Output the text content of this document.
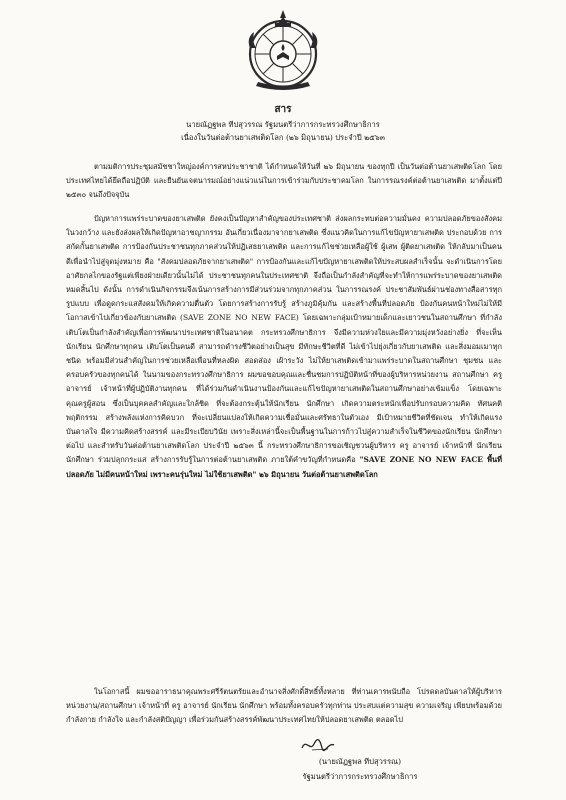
สาร
นายณัฏฐพล ทีปสุวรรณ รัฐมนตรีว่าการกระทรวงศึกษาธิการ
เนื่องในวันต่อต้านยาเสพติดโลก (๒๖ มิถุนายน) ประจำปี ๒๕๖๓
ตามมติการประชุมสมัชชาใหญ่องค์การสหประชาชาติ ได้กำหนดให้วันที่ ๒๖ มิถุนายน ของทุกปี เป็นวันต่อต้านยาเสพติดโลก โดยประเทศไทยได้ยึดถือปฏิบัติ และยืนยันเจตนารมณ์อย่างแน่วแน่ในการเข้าร่วมกับประชาคมโลก ในการรณรงค์ต่อต้านยาเสพติด มาตั้งแต่ปี ๒๕๓๐ จนถึงปัจจุบัน
ปัญหาการแพร่ระบาดของยาเสพติด ยังคงเป็นปัญหาสำคัญของประเทศชาติ ส่งผลกระทบต่อความมั่นคง ความปลอดภัยของสังคมในวงกว้าง และยังส่งผลให้เกิดปัญหาอาชญากรรม อันเกี่ยวเนื่องมาจากยาเสพติด ซึ่งแนวคิดในการแก้ไขปัญหายาเสพติด ประกอบด้วย การสกัดกั้นยาเสพติด การป้องกันประชาชนทุกภาคส่วนให้ปฏิเสธยาเสพติด และการแก้ไขช่วยเหลือผู้ใช้ ผู้เสพ ผู้ติดยาเสพติด ให้กลับมาเป็นคนดีเพื่อนำไปสู่จุดมุ่งหมาย คือ "สังคมปลอดภัยจากยาเสพติด" การป้องกันและแก้ไขปัญหายาเสพติดให้ประสบผลสำเร็จนั้น จะดำเนินการโดยอาศัยกลไกของรัฐแต่เพียงฝ่ายเดียวนั้นไม่ได้ ประชาชนทุกคนในประเทศชาติ จึงถือเป็นกำลังสำคัญที่จะทำให้การแพร่ระบาดของยาเสพติดหมดสิ้นไป ดังนั้น การดำเนินกิจกรรมจึงเน้นการสร้างการมีส่วนร่วมจากทุกภาคส่วน ในการรณรงค์ ประชาสัมพันธ์ผ่านช่องทางสื่อสารทุกรูปแบบ เพื่อดูดกระแสสังคมให้เกิดความตื่นตัว โดยการสร้างการรับรู้ สร้างภูมิคุ้มกัน และสร้างพื้นที่ปลอดภัย ป้องกันคนหน้าใหม่ไม่ให้มีโอกาสเข้าไปเกี่ยวข้องกับยาเสพติด (SAVE ZONE NO NEW FACE) โดยเฉพาะกลุ่มเป้าหมายเด็กและเยาวชนในสถานศึกษา ที่กำลังเติบโตเป็นกำลังสำคัญเพื่อการพัฒนาประเทศชาติในอนาคต กระทรวงศึกษาธิการ จึงมีความห่วงใยและมีความมุ่งหวังอย่างยิ่ง ที่จะเห็นนักเรียน นักศึกษาทุกคน เติบโตเป็นคนดี สามารถดำรงชีวิตอย่างเป็นสุข มีทักษะชีวิตที่ดี ไม่เข้าไปยุ่งเกี่ยวกับยาเสพติด และสิ่งมอมเมาทุกชนิด พร้อมมีส่วนสำคัญในการช่วยเหลือเพื่อนที่หลงผิด สอดส่อง เฝ้าระวัง ไม่ให้ยาเสพติดเข้ามาแพร่ระบาดในสถานศึกษา ชุมชน และครอบครัวของทุกคนได้ ในนามของกระทรวงศึกษาธิการ ผมขอขอบคุณและชื่นชมการปฏิบัติหน้าที่ของผู้บริหารหน่วยงาน สถานศึกษา ครู อาจารย์ เจ้าหน้าที่ผู้ปฏิบัติงานทุกคน ที่ได้ร่วมกันดำเนินงานป้องกันและแก้ไขปัญหายาเสพติดในสถานศึกษาอย่างเข้มแข็ง โดยเฉพาะคุณครูผู้สอน ซึ่งเป็นบุคคลสำคัญและใกล้ชิด ที่จะต้องกระตุ้นให้นักเรียน นักศึกษา เกิดความตระหนักเพื่อปรับกรอบความคิด ทัศนคติ พฤติกรรม สร้างพลังแห่งการคิดบวก ที่จะเปลี่ยนแปลงให้เกิดความเชื่อมั่นและศรัทธาในตัวเอง มีเป้าหมายชีวิตที่ชัดเจน ทำให้เกิดแรงบันดาลใจ มีความคิดสร้างสรรค์ และมีระเบียบวินัย เพราะสิ่งเหล่านี้จะเป็นพื้นฐานในการก้าวไปสู่ความสำเร็จในชีวิตของนักเรียน นักศึกษา ต่อไป และสำหรับวันต่อต้านยาเสพติดโลก ประจำปี ๒๕๖๓ นี้ กระทรวงศึกษาธิการขอเชิญชวนผู้บริหาร ครู อาจารย์ เจ้าหน้าที่ นักเรียน นักศึกษา ร่วมปลุกกระแส สร้างการรับรู้ในการต่อต้านยาเสพติด ภายใต้คำขวัญที่กำหนดคือ "SAVE ZONE NO NEW FACE พื้นที่ปลอดภัย ไม่มีคนหน้าใหม่ เพราะคนรุ่นใหม่ ไม่ใช้ยาเสพติด" ๒๖ มิถุนายน วันต่อต้านยาเสพติดโลก
ในโอกาสนี้ ผมขออาราธนาคุณพระศรีรัตนตรัยและอำนาจสิ่งศักดิ์สิทธิ์ทั้งหลาย ที่ท่านเคารพนับถือ โปรดดลบันดาลให้ผู้บริหารหน่วยงาน/สถานศึกษา เจ้าหน้าที่ ครู อาจารย์ นักเรียน นักศึกษา พร้อมทั้งครอบครัวทุกท่าน ประสบแต่ความสุข ความเจริญ เพียบพร้อมด้วยกำลังกาย กำลังใจ และกำลังสติปัญญา เพื่อร่วมกันสร้างสรรค์พัฒนาประเทศไทยให้ปลอดยาเสพติด ตลอดไป
(นายณัฏฐพล ทีปสุวรรณ)
รัฐมนตรีว่าการกระทรวงศึกษาธิการ
